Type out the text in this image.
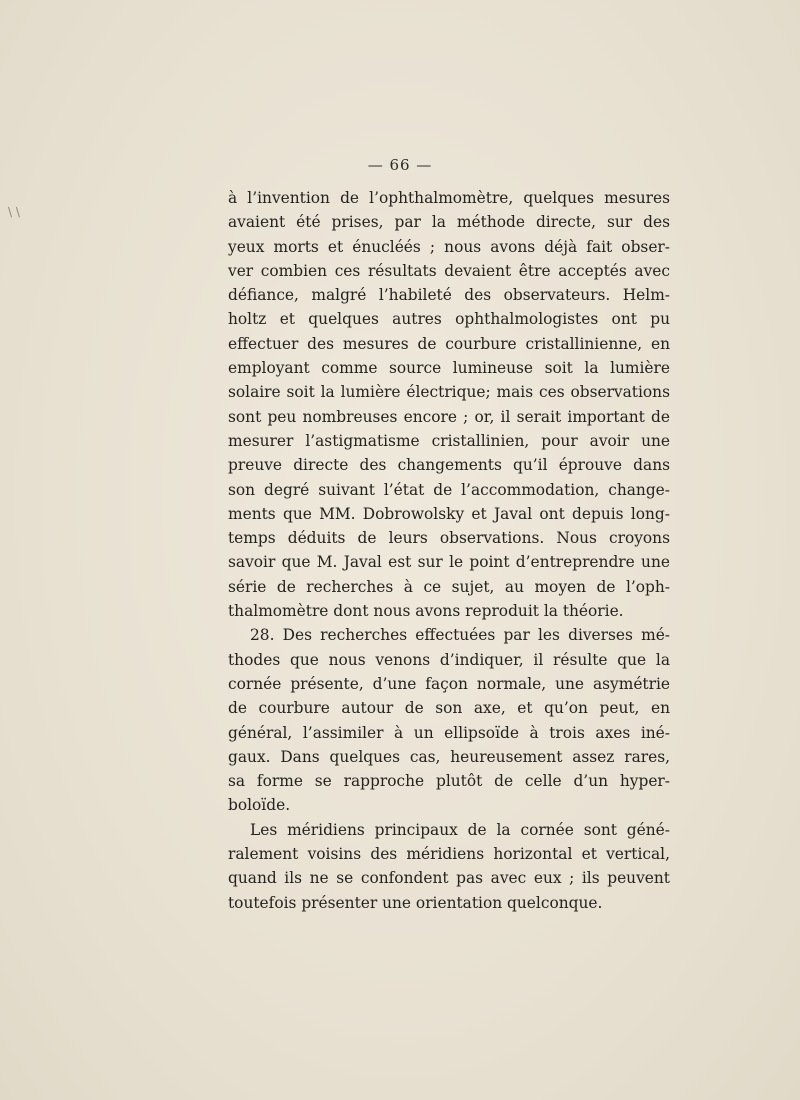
\ \
— 66 —
à l’invention de l’ophthalmomètre, quelques mesures
avaient été prises, par la méthode directe, sur des
yeux morts et énucléés ; nous avons déjà fait obser-
ver combien ces résultats devaient être acceptés avec
défiance, malgré l’habileté des observateurs. Helm-
holtz et quelques autres ophthalmologistes ont pu
effectuer des mesures de courbure cristallinienne, en
employant comme source lumineuse soit la lumière
solaire soit la lumière électrique; mais ces observations
sont peu nombreuses encore ; or, il serait important de
mesurer l’astigmatisme cristallinien, pour avoir une
preuve directe des changements qu’il éprouve dans
son degré suivant l’état de l’accommodation, change-
ments que MM. Dobrowolsky et Javal ont depuis long-
temps déduits de leurs observations. Nous croyons
savoir que M. Javal est sur le point d’entreprendre une
série de recherches à ce sujet, au moyen de l’oph-
thalmomètre dont nous avons reproduit la théorie.
28. Des recherches effectuées par les diverses mé-
thodes que nous venons d’indiquer, il résulte que la
cornée présente, d’une façon normale, une asymétrie
de courbure autour de son axe, et qu’on peut, en
général, l’assimiler à un ellipsoïde à trois axes iné-
gaux. Dans quelques cas, heureusement assez rares,
sa forme se rapproche plutôt de celle d’un hyper-
boloïde.
Les méridiens principaux de la cornée sont géné-
ralement voisins des méridiens horizontal et vertical,
quand ils ne se confondent pas avec eux ; ils peuvent
toutefois présenter une orientation quelconque.
